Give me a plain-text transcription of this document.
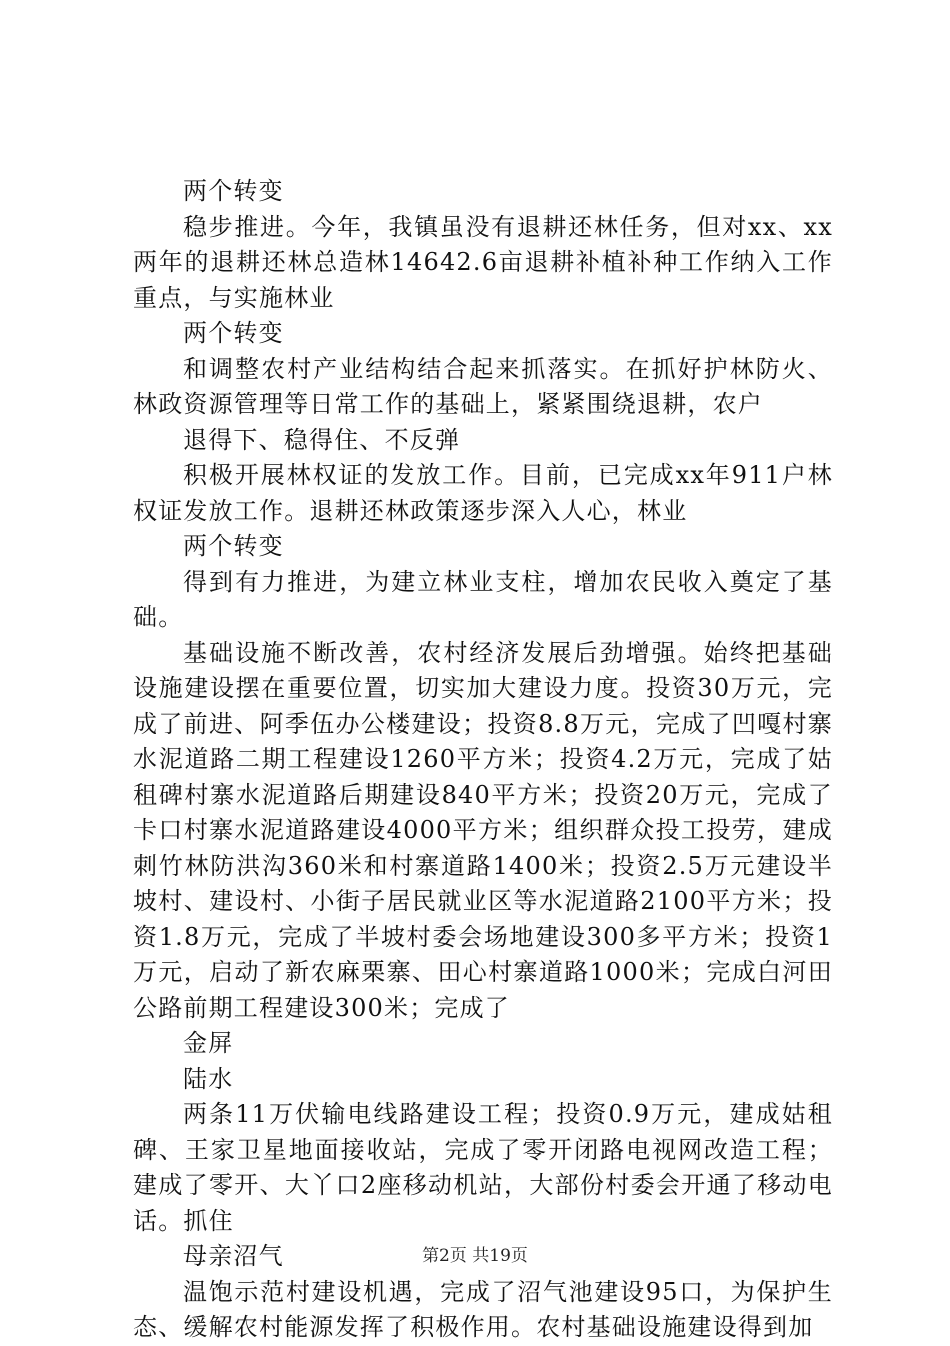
两个转变

稳步推进。今年，我镇虽没有退耕还林任务，但对xx、xx两年的退耕还林总造林14642.6亩退耕补植补种工作纳入工作重点，与实施林业

两个转变

和调整农村产业结构结合起来抓落实。在抓好护林防火、林政资源管理等日常工作的基础上，紧紧围绕退耕，农户

退得下、稳得住、不反弹

积极开展林权证的发放工作。目前，已完成xx年911户林权证发放工作。退耕还林政策逐步深入人心，林业

两个转变

得到有力推进，为建立林业支柱，增加农民收入奠定了基础。

基础设施不断改善，农村经济发展后劲增强。始终把基础设施建设摆在重要位置，切实加大建设力度。投资30万元，完成了前进、阿季伍办公楼建设；投资8.8万元，完成了凹嘎村寨水泥道路二期工程建设1260平方米；投资4.2万元，完成了姑租碑村寨水泥道路后期建设840平方米；投资20万元，完成了卡口村寨水泥道路建设4000平方米；组织群众投工投劳，建成刺竹林防洪沟360米和村寨道路1400米；投资2.5万元建设半坡村、建设村、小街子居民就业区等水泥道路2100平方米；投资1.8万元，完成了半坡村委会场地建设300多平方米；投资1万元，启动了新农麻栗寨、田心村寨道路1000米；完成白河田公路前期工程建设300米；完成了

金屏

陆水

两条11万伏输电线路建设工程；投资0.9万元，建成姑租碑、王家卫星地面接收站，完成了零开闭路电视网改造工程；建成了零开、大丫口2座移动机站，大部份村委会开通了移动电话。抓住

母亲沼气

温饱示范村建设机遇，完成了沼气池建设95口，为保护生态、缓解农村能源发挥了积极作用。农村基础设施建设得到加

第2页 共19页
